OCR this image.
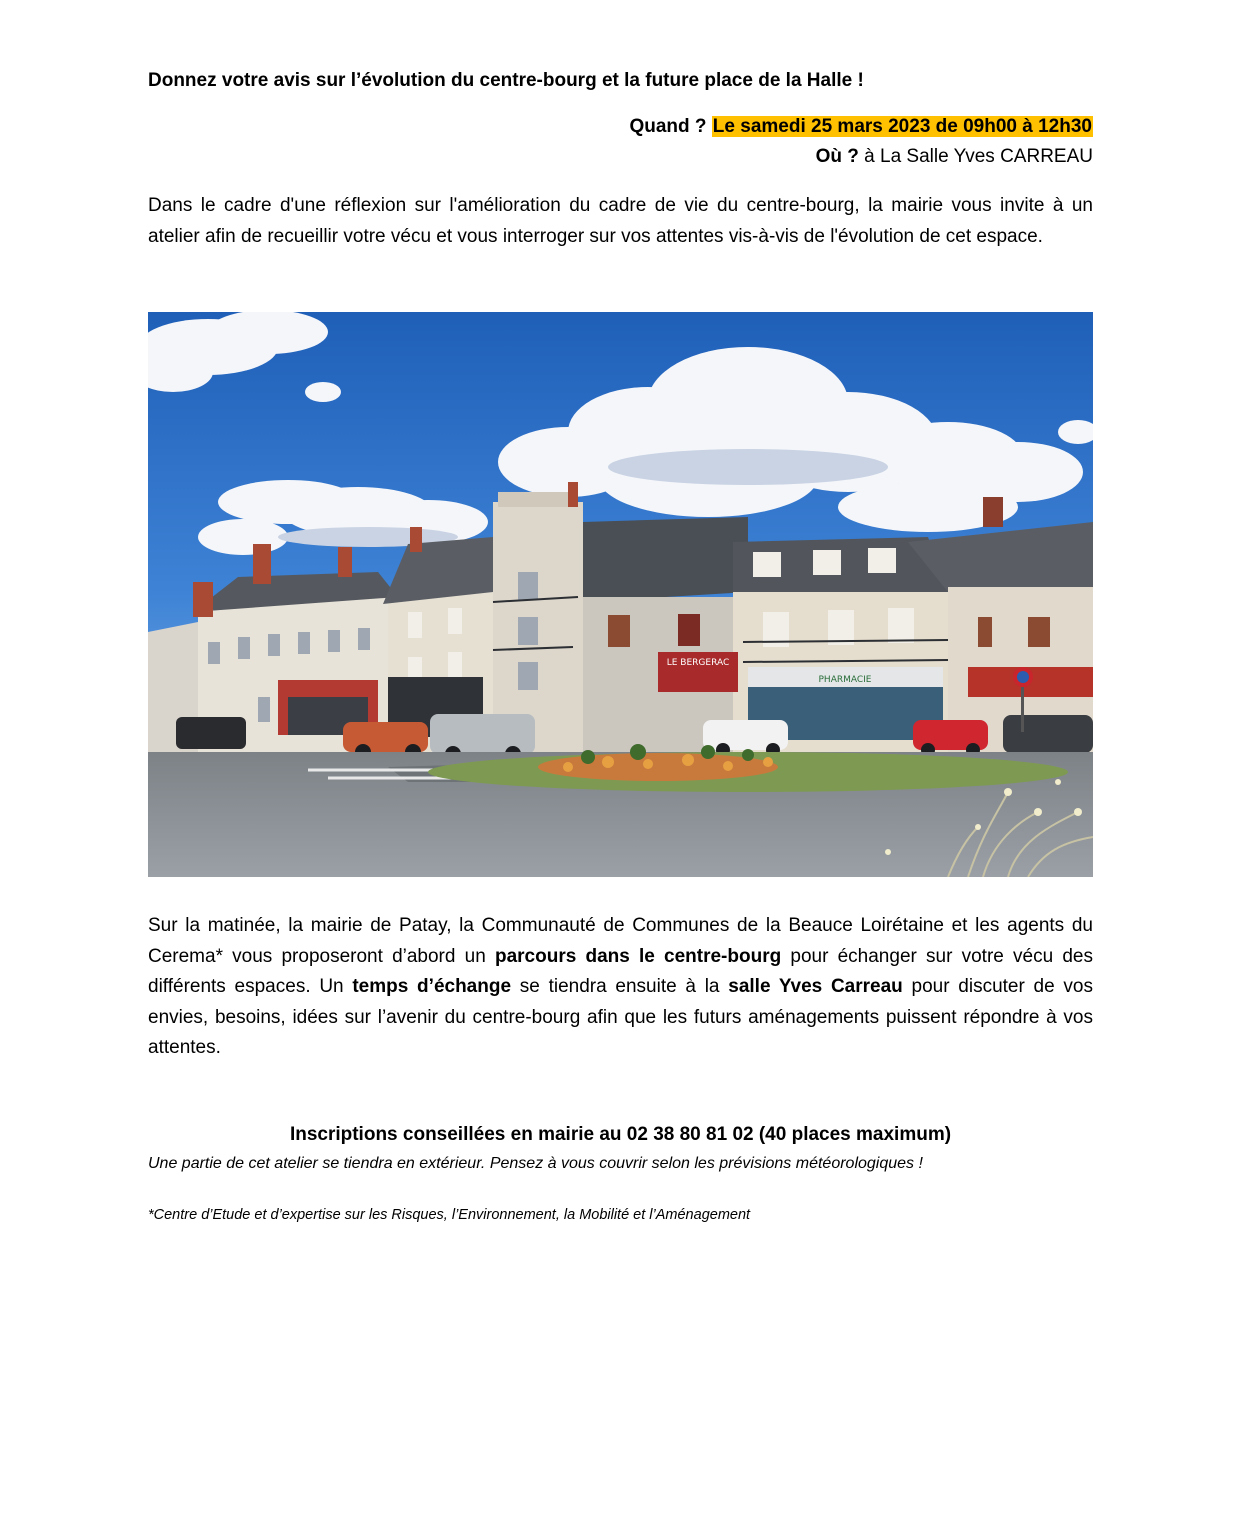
Donnez votre avis sur l’évolution du centre-bourg et la future place de la Halle !
Quand ? Le samedi 25 mars 2023 de 09h00 à 12h30
Où ? à La Salle Yves CARREAU
Dans le cadre d'une réflexion sur l'amélioration du cadre de vie du centre-bourg, la mairie vous invite à un atelier afin de recueillir votre vécu et vous interroger sur vos attentes vis-à-vis de l'évolution de cet espace.
LE BERGERAC
PHARMACIE
Sur la matinée, la mairie de Patay, la Communauté de Communes de la Beauce Loirétaine et les agents du Cerema* vous proposeront d’abord un parcours dans le centre-bourg pour échanger sur votre vécu des différents espaces. Un temps d’échange se tiendra ensuite à la salle Yves Carreau pour discuter de vos envies, besoins, idées sur l’avenir du centre-bourg afin que les futurs aménagements puissent répondre à vos attentes.
Inscriptions conseillées en mairie au 02 38 80 81 02 (40 places maximum)
Une partie de cet atelier se tiendra en extérieur. Pensez à vous couvrir selon les prévisions météorologiques !
*Centre d’Etude et d’expertise sur les Risques, l’Environnement, la Mobilité et l’Aménagement
